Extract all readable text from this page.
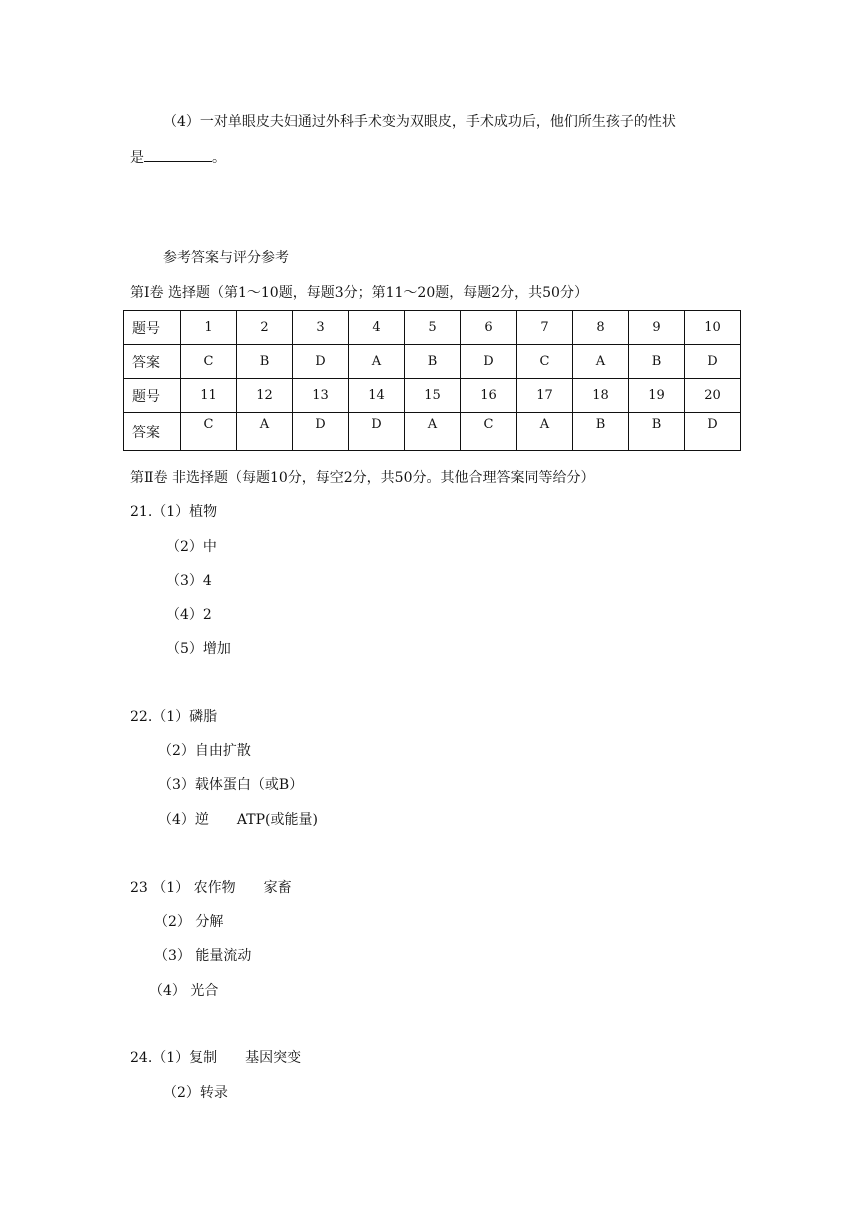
（4）一对单眼皮夫妇通过外科手术变为双眼皮，手术成功后，他们所生孩子的性状
是	。
参考答案与评分参考
第Ⅰ卷 选择题（第1～10题，每题3分；第11～20题，每题2分，共50分）
题号	1	2	3	4	5	6	7	8	9	10
答案	C	B	D	A	B	D	C	A	B	D
题号	11	12	13	14	15	16	17	18	19	20
答案	C	A	D	D	A	C	A	B	B	D
第Ⅱ卷 非选择题（每题10分，每空2分，共50分。其他合理答案同等给分）
21.（1）植物
（2）中
（3）4
（4）2
（5）增加
22.（1）磷脂
（2）自由扩散
（3）载体蛋白（或B）
（4）逆　　ATP(或能量)
23 （1） 农作物　　家畜
（2） 分解
（3） 能量流动
（4） 光合
24.（1）复制　　基因突变
（2）转录
